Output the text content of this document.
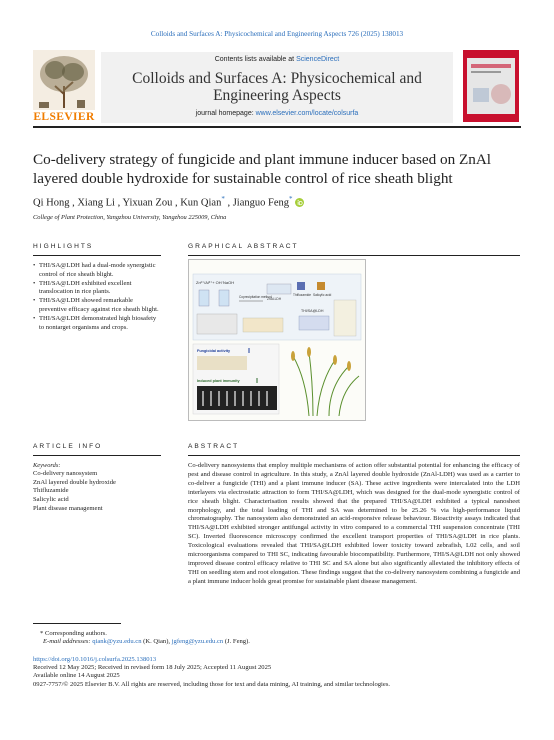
Colloids and Surfaces A: Physicochemical and Engineering Aspects 726 (2025) 138013
ELSEVIER
Contents lists available at ScienceDirect
Colloids and Surfaces A: Physicochemical and
Engineering Aspects
journal homepage: www.elsevier.com/locate/colsurfa
Co-delivery strategy of fungicide and plant immune inducer based on ZnAl layered double hydroxide for sustainable control of rice sheath blight
Qi Hong , Xiang Li , Yixuan Zou , Kun Qian* , Jianguo Feng*
College of Plant Protection, Yangzhou University, Yangzhou 225009, China
HIGHLIGHTS	GRAPHICAL ABSTRACT
• THI/SA@LDH had a dual-mode synergistic control of rice sheath blight.
• THI/SA@LDH exhibited excellent translocation in rice plants.
• THI/SA@LDH showed remarkable preventive efficacy against rice sheath blight.
• THI/SA@LDH demonstrated high biosafety to nontarget organisms and crops.
Zn²⁺/Al³⁺+ OH⁻ NaOH
Coprecipitation method
ZnAl-LDH
Thifluzamide Salicylic acid
THI/SA@LDH
Fungicidal activity
Induced plant immunity
ARTICLE INFO	ABSTRACT
Keywords:
Co-delivery nanosystem
ZnAl layered double hydroxide
Thifluzamide
Salicylic acid
Plant disease management
Co-delivery nanosystems that employ multiple mechanisms of action offer substantial potential for enhancing the efficacy of pest and disease control in agriculture. In this study, a ZnAl layered double hydroxide (ZnAl-LDH) was used as a carrier to co-deliver a fungicide (THI) and a plant immune inducer (SA). These active ingredients were intercalated into the LDH interlayers via electrostatic attraction to form THI/SA@LDH, which was designed for the dual-mode synergistic control of rice sheath blight. Characterisation results showed that the prepared THI/SA@LDH exhibited a typical nanosheet morphology, and the total loading of THI and SA was determined to be 25.26 % via high-performance liquid chromatography. The nanosystem also demonstrated an acid-responsive release behaviour. Bioactivity assays indicated that THI/SA@LDH exhibited stronger antifungal activity in vitro compared to a commercial THI suspension concentrate (THI SC). Inverted fluorescence microscopy confirmed the excellent transport properties of THI/SA@LDH in rice plants. Toxicological evaluations revealed that THI/SA@LDH exhibited lower toxicity toward zebrafish, L02 cells, and soil microorganisms compared to THI SC, indicating favourable biocompatibility. Furthermore, THI/SA@LDH not only showed improved disease control efficacy relative to THI SC and SA alone but also significantly alleviated the inhibitory effects of THI on seedling stem and root elongation. These findings suggest that the co-delivery nanosystem combining a fungicide and a plant immune inducer holds great promise for sustainable plant disease management.
* Corresponding authors.
E-mail addresses: qiank@yzu.edu.cn (K. Qian), jgfeng@yzu.edu.cn (J. Feng).
https://doi.org/10.1016/j.colsurfa.2025.138013
Received 12 May 2025; Received in revised form 18 July 2025; Accepted 11 August 2025
Available online 14 August 2025
0927-7757/© 2025 Elsevier B.V. All rights are reserved, including those for text and data mining, AI training, and similar technologies.
